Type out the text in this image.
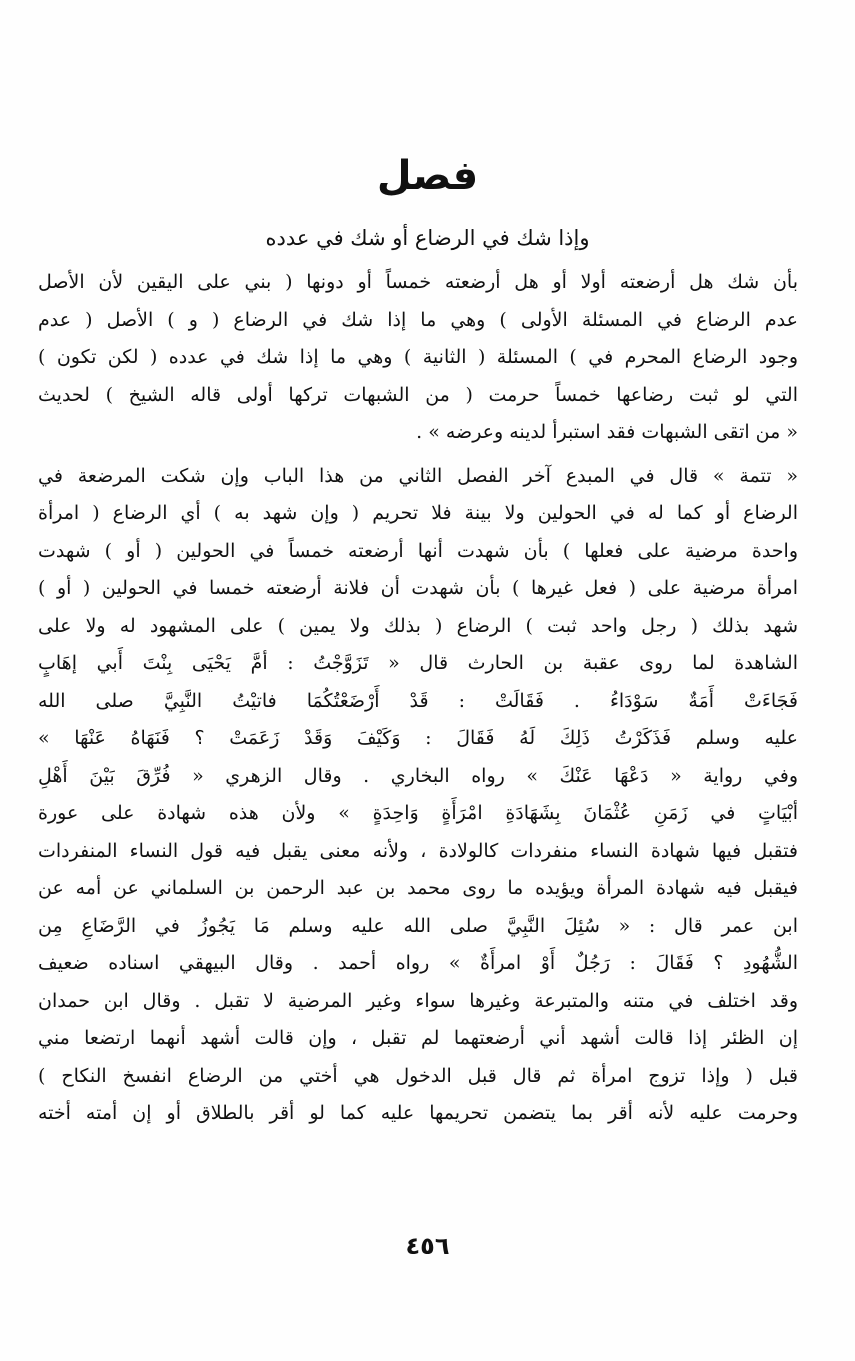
فصل
وإذا شك في الرضاع أو شك في عدده
بأن شك هل أرضعته أولا أو هل أرضعته خمساً أو دونها ( بني على اليقين لأن الأصل
عدم الرضاع في المسئلة الأولى ) وهي ما إذا شك في الرضاع ( و ) الأصل ( عدم
وجود الرضاع المحرم في ) المسئلة ( الثانية ) وهي ما إذا شك في عدده ( لكن تكون )
التي لو ثبت رضاعها خمساً حرمت ( من الشبهات تركها أولى قاله الشيخ ) لحديث
« من اتقى الشبهات فقد استبرأ لدينه وعرضه » .
« تتمة » قال في المبدع آخر الفصل الثاني من هذا الباب وإن شكت المرضعة في
الرضاع أو كما له في الحولين ولا بينة فلا تحريم ( وإن شهد به ) أي الرضاع ( امرأة
واحدة مرضية على فعلها ) بأن شهدت أنها أرضعته خمساً في الحولين ( أو ) شهدت
امرأة مرضية على ( فعل غيرها ) بأن شهدت أن فلانة أرضعته خمسا في الحولين ( أو )
شهد بذلك ( رجل واحد ثبت ) الرضاع ( بذلك ولا يمين ) على المشهود له ولا على
الشاهدة لما روى عقبة بن الحارث قال « تَزَوَّجْتُ : أمَّ يَحْيَى بِنْتَ أَبي إهَابٍ
فَجَاءَتْ أَمَةٌ سَوْدَاءُ . فَقَالَتْ : قَدْ أَرْضَعْتُكُمَا فاتيْتُ النَّبِيَّ صلى الله
عليه وسلم فَذَكَرْتُ ذَلِكَ لَهُ فَقَالَ : وَكَيْفَ وَقَدْ زَعَمَتْ ؟ فَنَهَاهُ عَنْهَا »
وفي رواية « دَعْهَا عَنْكَ » رواه البخاري . وقال الزهري « فُرِّقَ بَيْنَ أَهْلِ
أبْيَاتٍ في زَمَنِ عُثْمَانَ بِشَهَادَةِ امْرَأَةٍ وَاحِدَةٍ » ولأن هذه شهادة على عورة
فتقبل فيها شهادة النساء منفردات كالولادة ، ولأنه معنى يقبل فيه قول النساء المنفردات
فيقبل فيه شهادة المرأة ويؤيده ما روى محمد بن عبد الرحمن بن السلماني عن أمه عن
ابن عمر قال : « سُئِلَ النَّبِيَّ صلى الله عليه وسلم مَا يَجُوزُ في الرَّضَاعِ مِن
الشُّهُودِ ؟ فَقَالَ : رَجُلٌ أَوْ امرأَةٌ » رواه أحمد . وقال البيهقي اسناده ضعيف
وقد اختلف في متنه والمتبرعة وغيرها سواء وغير المرضية لا تقبل . وقال ابن حمدان
إن الظئر إذا قالت أشهد أني أرضعتهما لم تقبل ، وإن قالت أشهد أنهما ارتضعا مني
قبل ( وإذا تزوج امرأة ثم قال قبل الدخول هي أختي من الرضاع انفسخ النكاح )
وحرمت عليه لأنه أقر بما يتضمن تحريمها عليه كما لو أقر بالطلاق أو إن أمته أخته
٤٥٦
